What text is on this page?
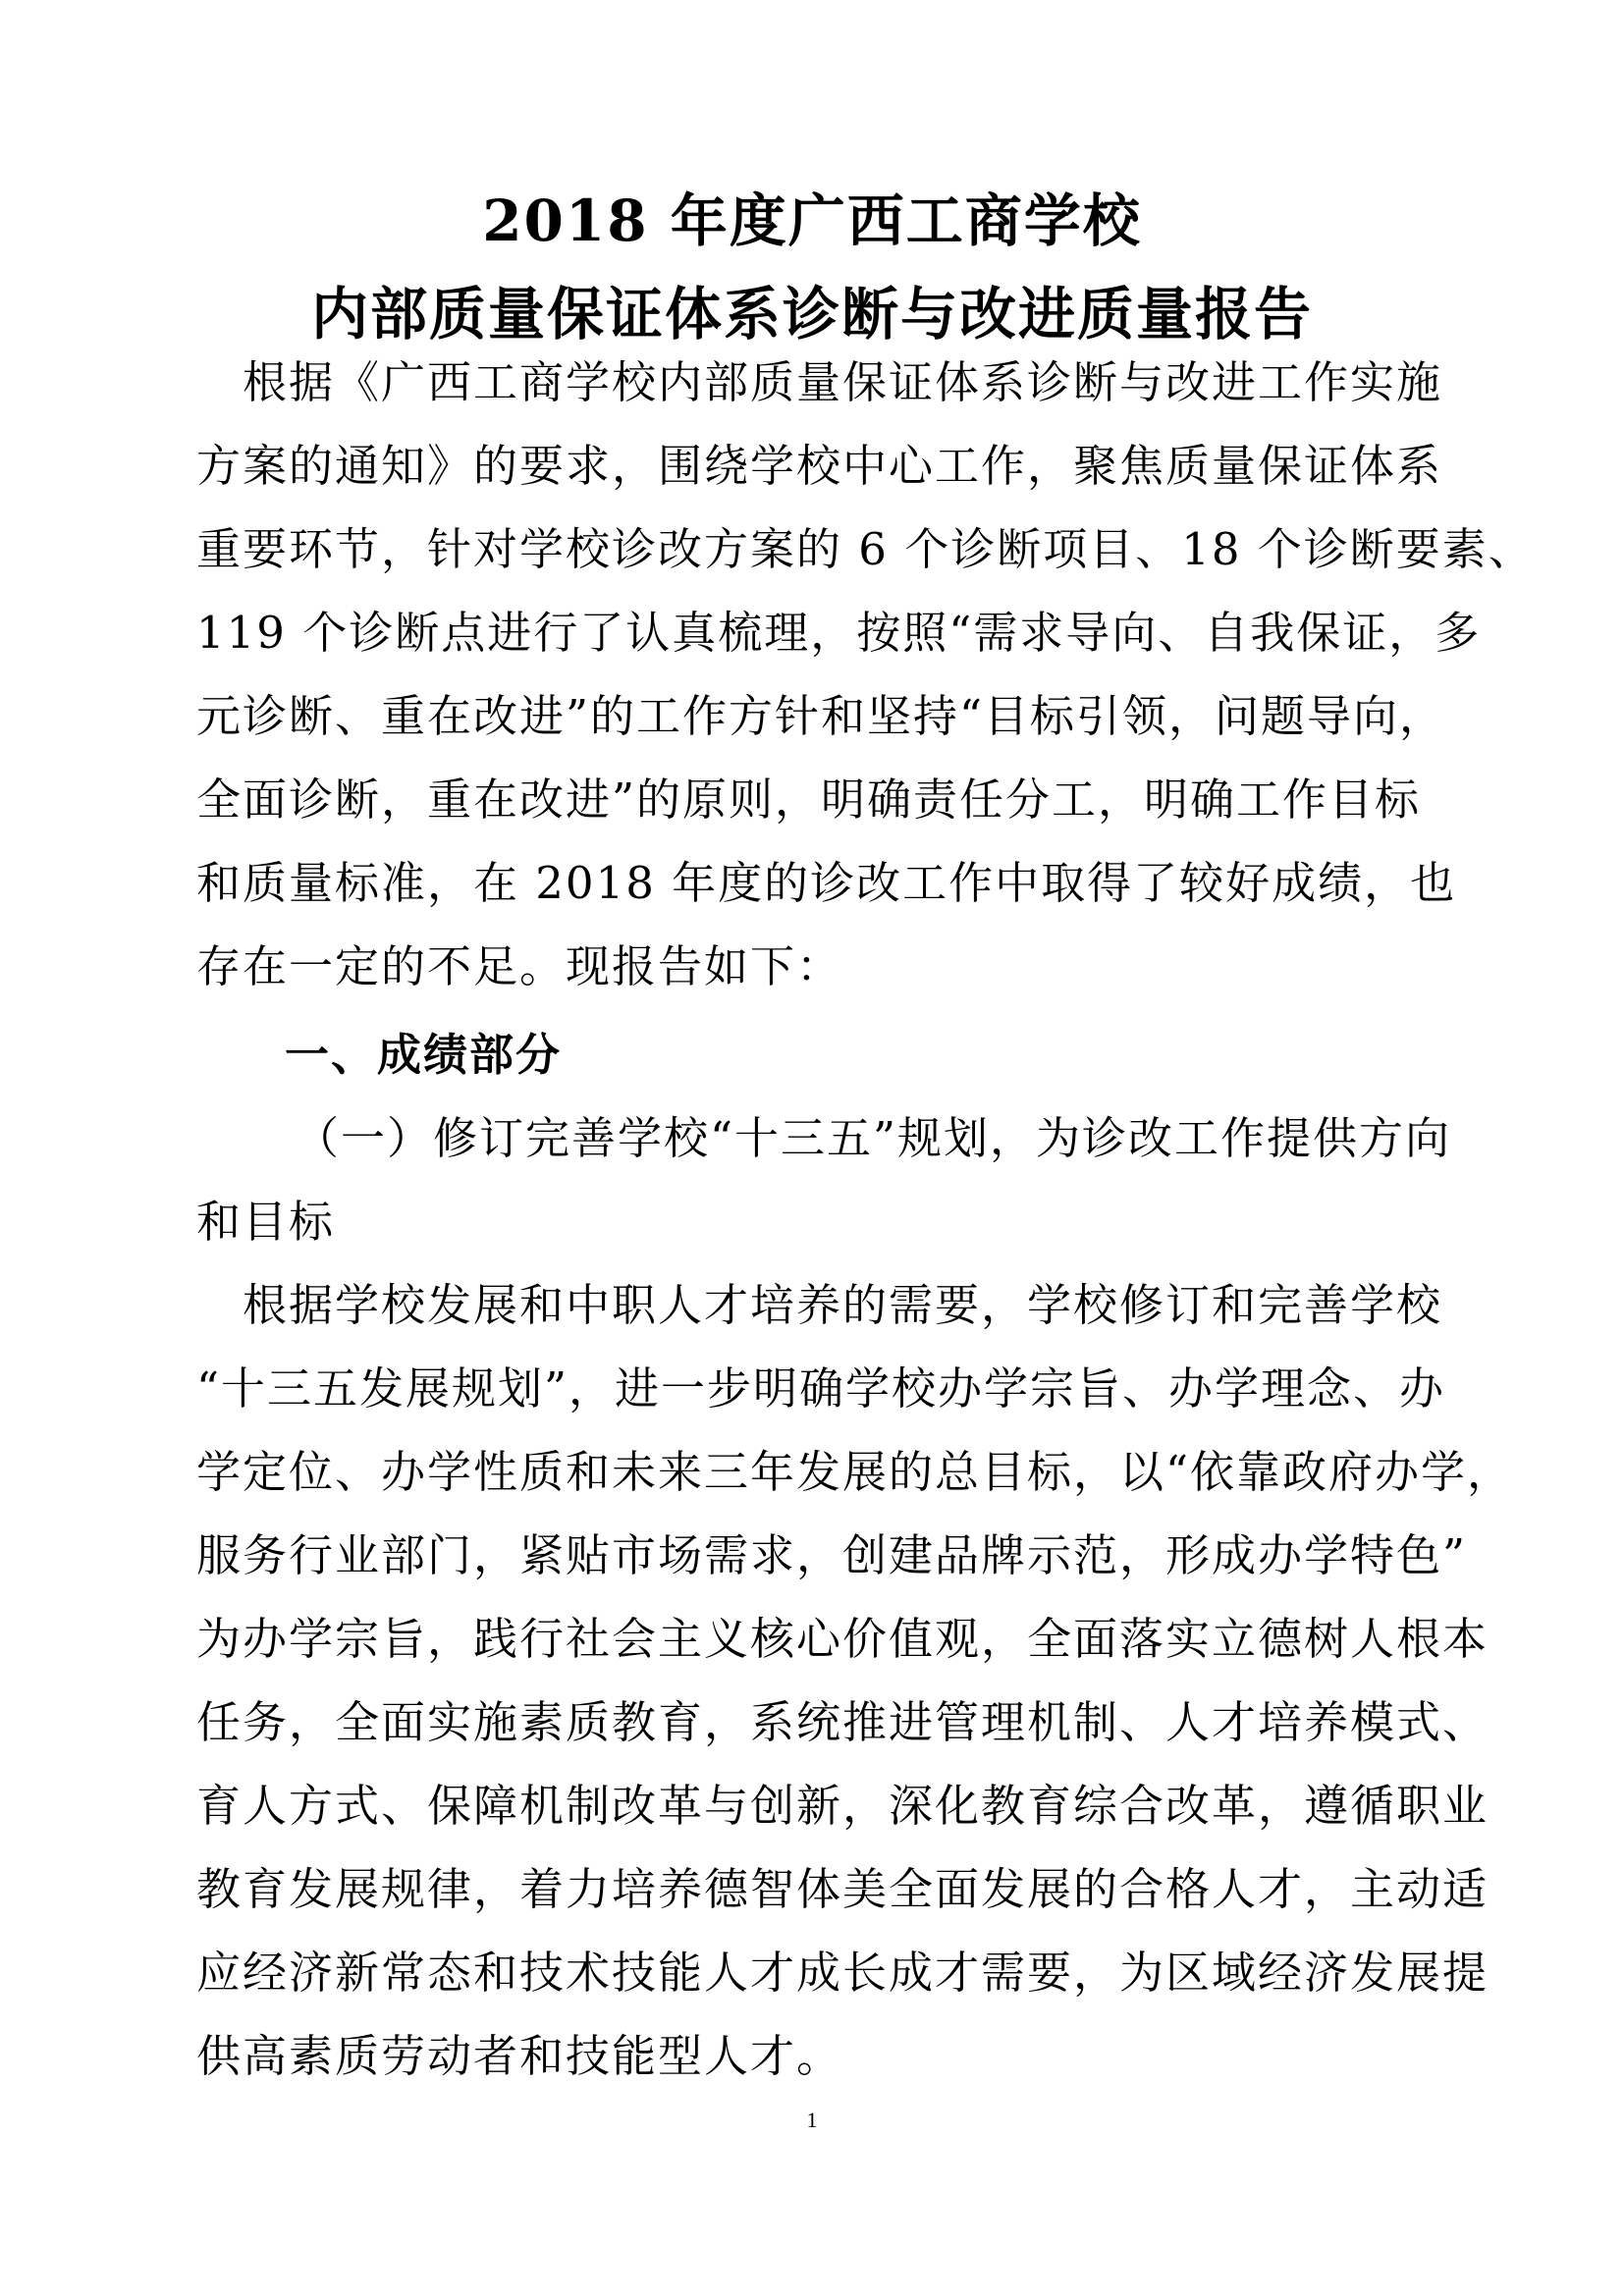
2018 年度广西工商学校
内部质量保证体系诊断与改进质量报告
　根据《广西工商学校内部质量保证体系诊断与改进工作实施
方案的通知》的要求，围绕学校中心工作，聚焦质量保证体系
重要环节，针对学校诊改方案的 6 个诊断项目、18 个诊断要素、
119 个诊断点进行了认真梳理，按照“需求导向、自我保证，多
元诊断、重在改进”的工作方针和坚持“目标引领，问题导向，
全面诊断，重在改进”的原则，明确责任分工，明确工作目标
和质量标准，在 2018 年度的诊改工作中取得了较好成绩，也
存在一定的不足。现报告如下：
一、成绩部分
（一）修订完善学校“十三五”规划，为诊改工作提供方向
和目标
　根据学校发展和中职人才培养的需要，学校修订和完善学校
“十三五发展规划”，进一步明确学校办学宗旨、办学理念、办
学定位、办学性质和未来三年发展的总目标，以“依靠政府办学，
服务行业部门，紧贴市场需求，创建品牌示范，形成办学特色”
为办学宗旨，践行社会主义核心价值观，全面落实立德树人根本
任务，全面实施素质教育，系统推进管理机制、人才培养模式、
育人方式、保障机制改革与创新，深化教育综合改革，遵循职业
教育发展规律，着力培养德智体美全面发展的合格人才，主动适
应经济新常态和技术技能人才成长成才需要，为区域经济发展提
1
供高素质劳动者和技能型人才。
